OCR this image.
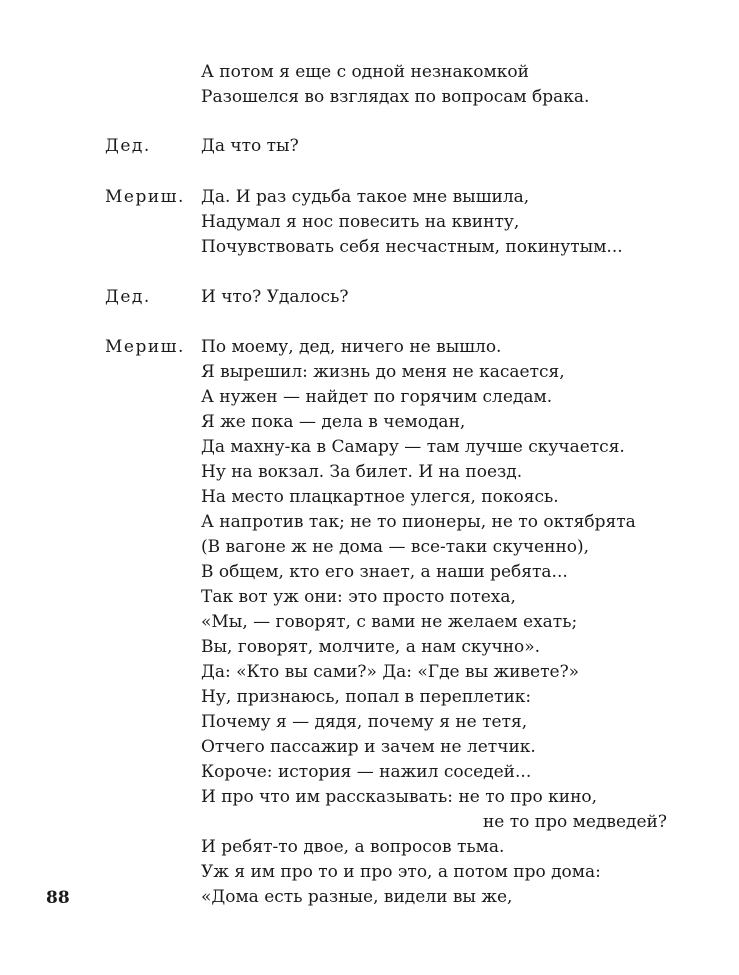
А потом я еще с одной незнакомкой
Разошелся во взглядах по вопросам брака.
Дед.	Да что ты?
Мериш. Да. И раз судьба такое мне вышила,
Надумал я нос повесить на квинту,
Почувствовать себя несчастным, покинутым...
Дед.	И что? Удалось?
Мериш. По моему, дед, ничего не вышло.
Я вырешил: жизнь до меня не касается,
А нужен — найдет по горячим следам.
Я же пока — дела в чемодан,
Да махну-ка в Самару — там лучше скучается.
Ну на вокзал. За билет. И на поезд.
На место плацкартное улегся, покоясь.
А напротив так; не то пионеры, не то октябрята
(В вагоне ж не дома — все-таки скученно),
В общем, кто его знает, а наши ребята...
Так вот уж они: это просто потеха,
«Мы, — говорят, с вами не желаем ехать;
Вы, говорят, молчите, а нам скучно».
Да: «Кто вы сами?» Да: «Где вы живете?»
Ну, признаюсь, попал в переплетик:
Почему я — дядя, почему я не тетя,
Отчего пассажир и зачем не летчик.
Короче: история — нажил соседей...
И про что им рассказывать: не то про кино,
не то про медведей?
И ребят-то двое, а вопросов тьма.
Уж я им про то и про это, а потом про дома:
«Дома есть разные, видели вы же,
88
